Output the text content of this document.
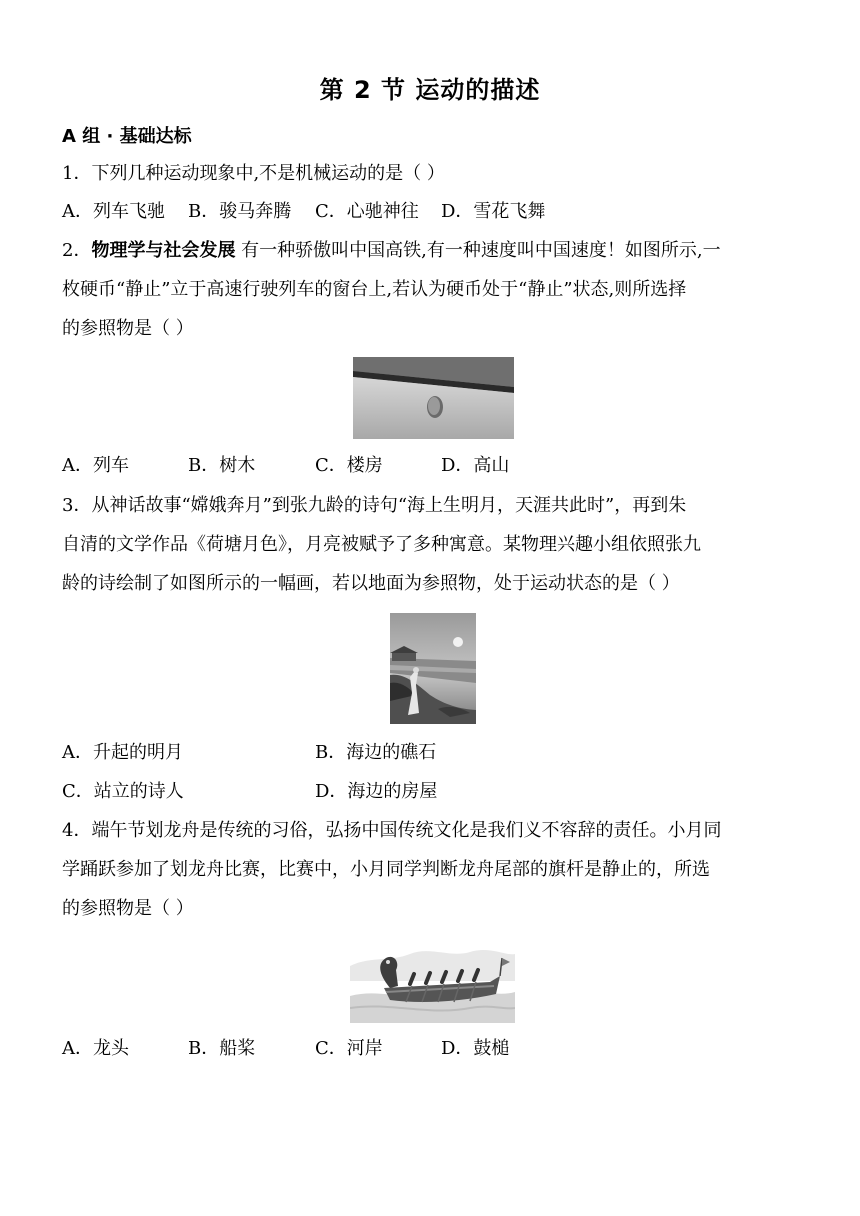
第 2 节 运动的描述
A 组 · 基础达标
1．下列几种运动现象中,不是机械运动的是（ ）
A．列车飞驰 B．骏马奔腾 C．心驰神往 D．雪花飞舞
2．物理学与社会发展 有一种骄傲叫中国高铁,有一种速度叫中国速度！如图所示,一
枚硬币“静止”立于高速行驶列车的窗台上,若认为硬币处于“静止”状态,则所选择
的参照物是（ ）
A．列车	B．树木	C．楼房	D．高山
3．从神话故事“嫦娥奔月”到张九龄的诗句“海上生明月，天涯共此时”，再到朱
自清的文学作品《荷塘月色》，月亮被赋予了多种寓意。某物理兴趣小组依照张九
龄的诗绘制了如图所示的一幅画，若以地面为参照物，处于运动状态的是（ ）
A．升起的明月	B．海边的礁石
C．站立的诗人	D．海边的房屋
4．端午节划龙舟是传统的习俗，弘扬中国传统文化是我们义不容辞的责任。小月同
学踊跃参加了划龙舟比赛，比赛中，小月同学判断龙舟尾部的旗杆是静止的，所选
的参照物是（ ）
A．龙头	B．船桨	C．河岸	D．鼓槌
